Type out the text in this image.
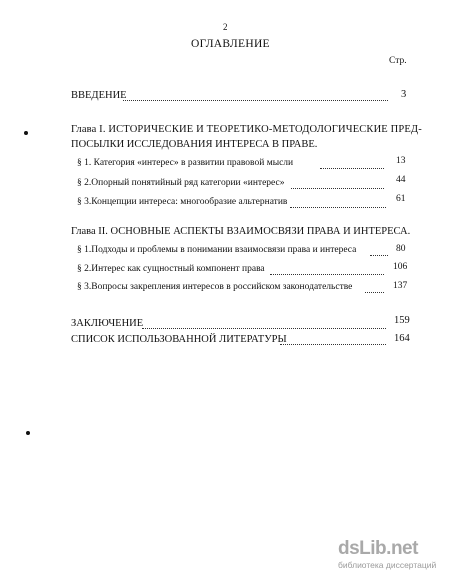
2
ОГЛАВЛЕНИЕ
Стр.
ВВЕДЕНИЕ	3
Глава I. ИСТОРИЧЕСКИЕ И ТЕОРЕТИКО-МЕТОДОЛОГИЧЕСКИЕ ПРЕД-
ПОСЫЛКИ ИССЛЕДОВАНИЯ ИНТЕРЕСА В ПРАВЕ.
§ 1. Категория «интерес» в развитии правовой мысли	13
§ 2.Опорный понятийный ряд категории «интерес»	44
§ 3.Концепции интереса: многообразие альтернатив	61
Глава II. ОСНОВНЫЕ АСПЕКТЫ ВЗАИМОСВЯЗИ ПРАВА И ИНТЕРЕСА.
§ 1.Подходы и проблемы в понимании взаимосвязи права и интереса	80
§ 2.Интерес как сущностный компонент права	106
§ 3.Вопросы закрепления интересов в российском законодательстве	137
ЗАКЛЮЧЕНИЕ	159
СПИСОК ИСПОЛЬЗОВАННОЙ ЛИТЕРАТУРЫ	164
dsLib.net
библиотека диссертаций
